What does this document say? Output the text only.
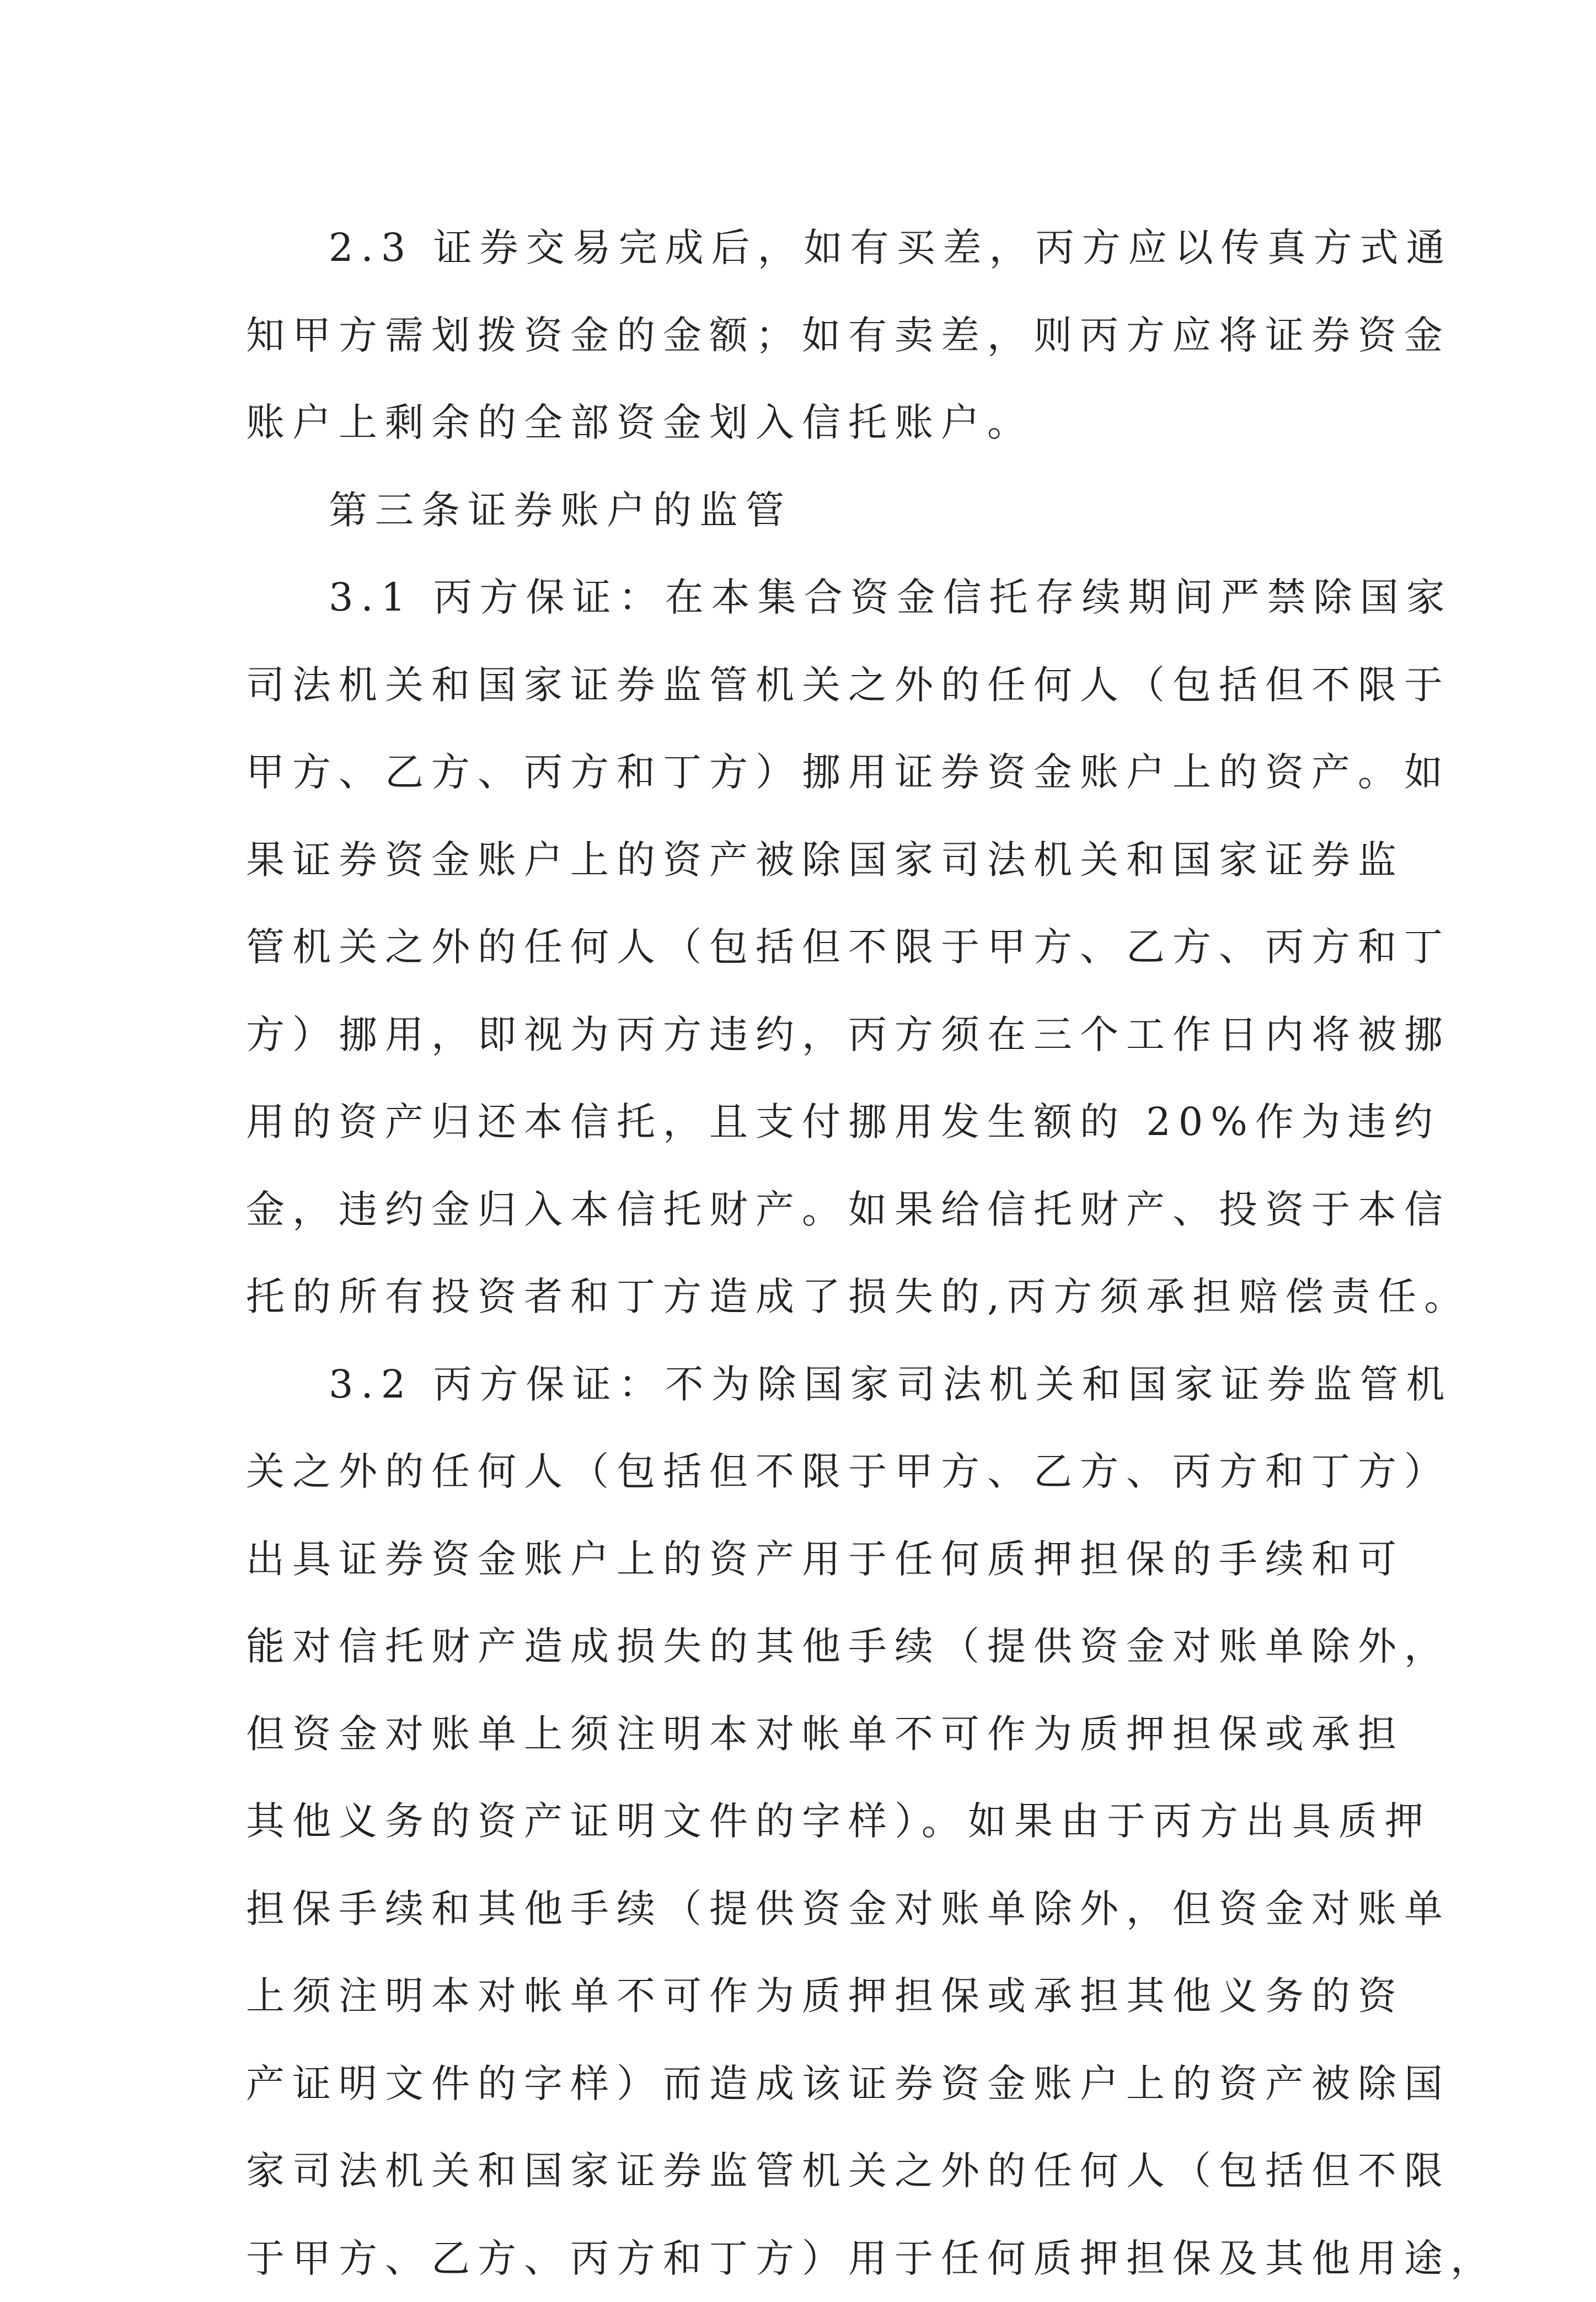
2.3 证券交易完成后，如有买差，丙方应以传真方式通
知甲方需划拨资金的金额；如有卖差，则丙方应将证券资金
账户上剩余的全部资金划入信托账户。
第三条证券账户的监管
3.1 丙方保证：在本集合资金信托存续期间严禁除国家
司法机关和国家证券监管机关之外的任何人（包括但不限于
甲方、乙方、丙方和丁方）挪用证券资金账户上的资产。如
果证券资金账户上的资产被除国家司法机关和国家证券监
管机关之外的任何人（包括但不限于甲方、乙方、丙方和丁
方）挪用，即视为丙方违约，丙方须在三个工作日内将被挪
用的资产归还本信托，且支付挪用发生额的 20%作为违约
金，违约金归入本信托财产。如果给信托财产、投资于本信
托的所有投资者和丁方造成了损失的,丙方须承担赔偿责任。
3.2 丙方保证：不为除国家司法机关和国家证券监管机
关之外的任何人（包括但不限于甲方、乙方、丙方和丁方）
出具证券资金账户上的资产用于任何质押担保的手续和可
能对信托财产造成损失的其他手续（提供资金对账单除外，
但资金对账单上须注明本对帐单不可作为质押担保或承担
其他义务的资产证明文件的字样）。如果由于丙方出具质押
担保手续和其他手续（提供资金对账单除外，但资金对账单
上须注明本对帐单不可作为质押担保或承担其他义务的资
产证明文件的字样）而造成该证券资金账户上的资产被除国
家司法机关和国家证券监管机关之外的任何人（包括但不限
于甲方、乙方、丙方和丁方）用于任何质押担保及其他用途，
